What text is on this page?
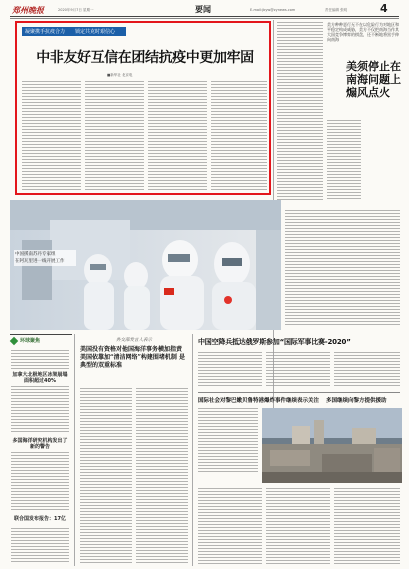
郑州晚报	2020年9月7日 星期一	要闻	E-mail:jbyw@zynews.com	责任编辑 张明	4
凝聚携手抗疫合力 锁定共克时艰信心
中非友好互信在团结抗疫中更加牢固
■新华社 北京电
美方种种恶行无不在以危险行为对地区和平稳定构成威胁，美方不仅把南海当作其大国竞争博弈的棋盘，还不断地将黑手伸向南海
美须停止在南海问题上煽风点火
中国援南苏丹专家组
在阿瓦里进一线开展工作
环球聚焦
加拿大北极地区冰架崩塌面积超过40%
多国海洋研究机构发出了新的警告
联合国发布报告：17亿
外交部发言人表示
美国没有资格对他国海洋事务横加指责 美国依靠加“清洁网络”构建围堵机制 是典型的双重标准
中国空降兵抵达俄罗斯参加“国际军事比赛-2020”
国际社会对黎巴嫩贝鲁特港爆炸事件继续表示关注 多国继续向黎方提供援助
